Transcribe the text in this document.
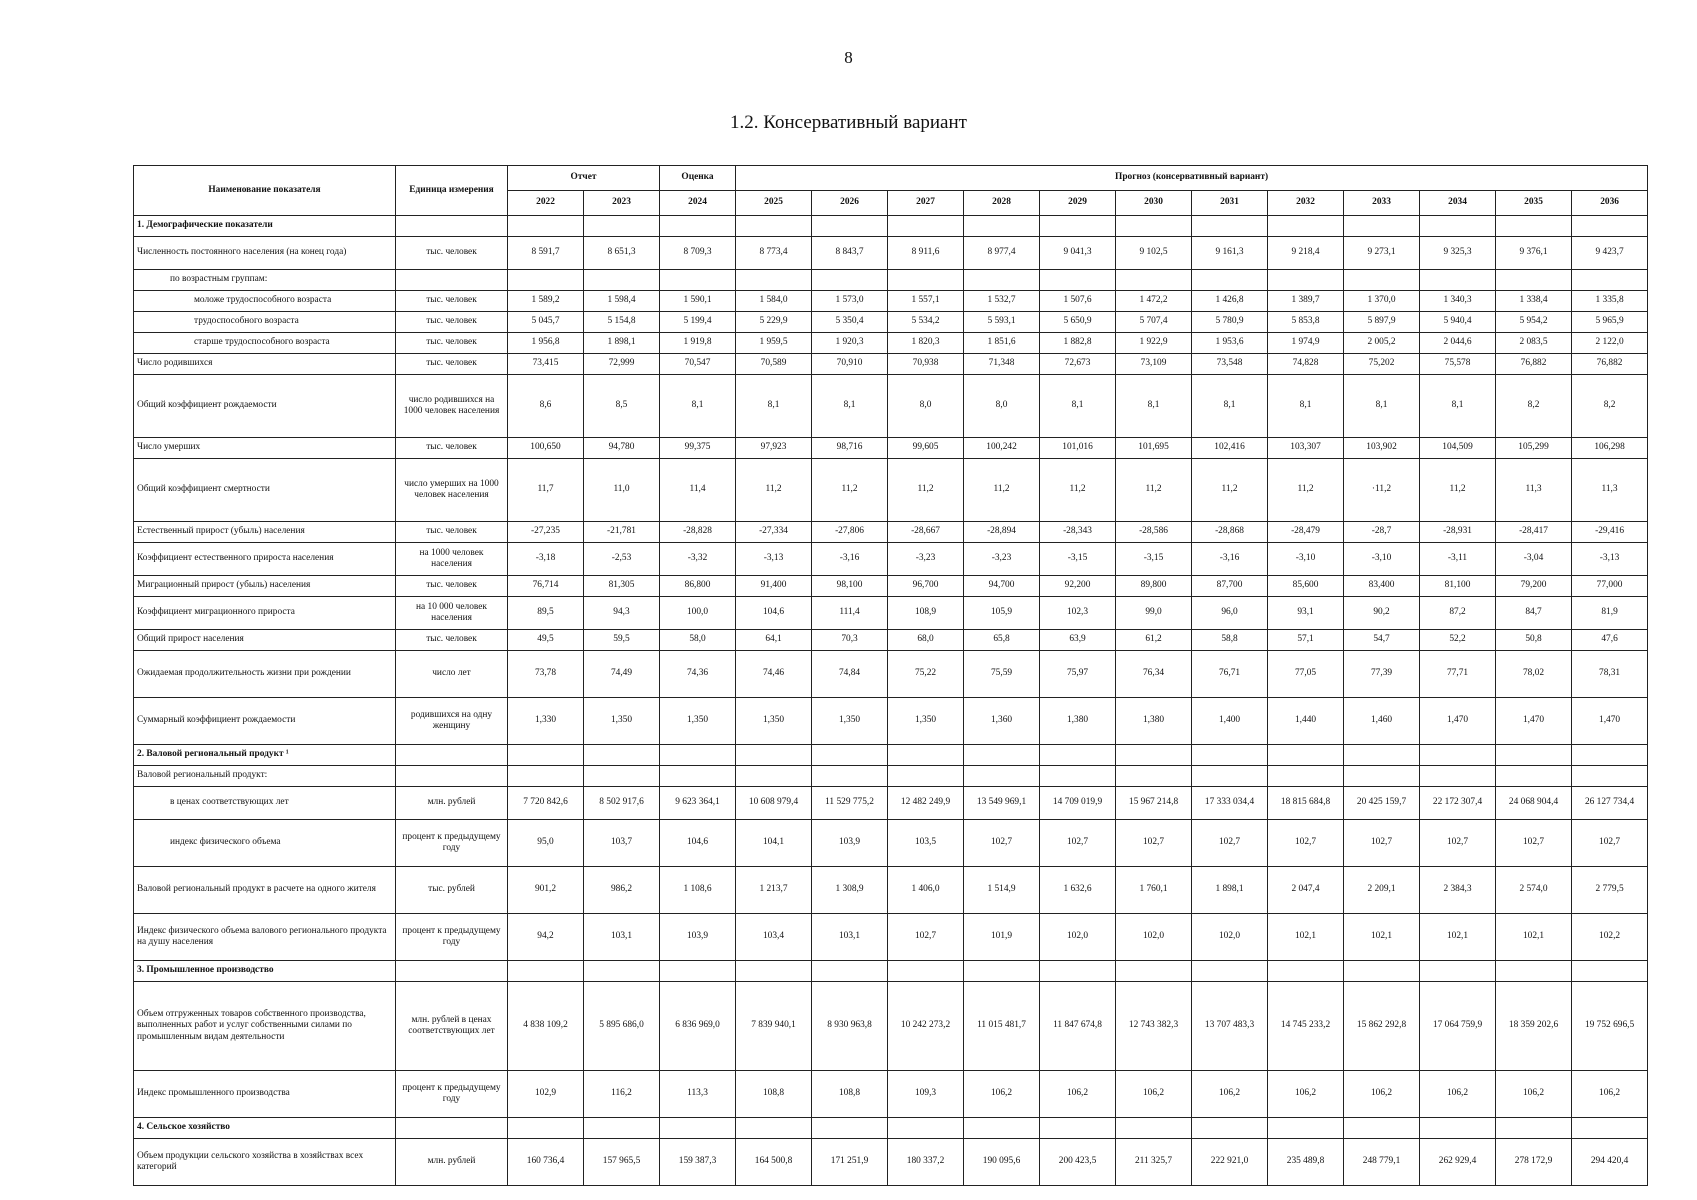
8
1.2. Консервативный вариант
Наименование показателя	Единица измерения	Отчет		Оценка	Прогноз (консервативный вариант)											
		2022	2023	2024	2025	2026	2027	2028	2029	2030	2031	2032	2033	2034	2035	2036
1. Демографические показатели																
Численность постоянного населения (на конец года)	тыс. человек	8 591,7	8 651,3	8 709,3	8 773,4	8 843,7	8 911,6	8 977,4	9 041,3	9 102,5	9 161,3	9 218,4	9 273,1	9 325,3	9 376,1	9 423,7
по возрастным группам:																
моложе трудоспособного возраста	тыс. человек	1 589,2	1 598,4	1 590,1	1 584,0	1 573,0	1 557,1	1 532,7	1 507,6	1 472,2	1 426,8	1 389,7	1 370,0	1 340,3	1 338,4	1 335,8
трудоспособного возраста	тыс. человек	5 045,7	5 154,8	5 199,4	5 229,9	5 350,4	5 534,2	5 593,1	5 650,9	5 707,4	5 780,9	5 853,8	5 897,9	5 940,4	5 954,2	5 965,9
старше трудоспособного возраста	тыс. человек	1 956,8	1 898,1	1 919,8	1 959,5	1 920,3	1 820,3	1 851,6	1 882,8	1 922,9	1 953,6	1 974,9	2 005,2	2 044,6	2 083,5	2 122,0
Число родившихся	тыс. человек	73,415	72,999	70,547	70,589	70,910	70,938	71,348	72,673	73,109	73,548	74,828	75,202	75,578	76,882	76,882
Общий коэффициент рождаемости	число родившихся на 1000 человек населения	8,6	8,5	8,1	8,1	8,1	8,0	8,0	8,1	8,1	8,1	8,1	8,1	8,1	8,2	8,2
Число умерших	тыс. человек	100,650	94,780	99,375	97,923	98,716	99,605	100,242	101,016	101,695	102,416	103,307	103,902	104,509	105,299	106,298
Общий коэффициент смертности	число умерших на 1000 человек населения	11,7	11,0	11,4	11,2	11,2	11,2	11,2	11,2	11,2	11,2	11,2	·11,2	11,2	11,3	11,3
Естественный прирост (убыль) населения	тыс. человек	-27,235	-21,781	-28,828	-27,334	-27,806	-28,667	-28,894	-28,343	-28,586	-28,868	-28,479	-28,7	-28,931	-28,417	-29,416
Коэффициент естественного прироста населения	на 1000 человек населения	-3,18	-2,53	-3,32	-3,13	-3,16	-3,23	-3,23	-3,15	-3,15	-3,16	-3,10	-3,10	-3,11	-3,04	-3,13
Миграционный прирост (убыль) населения	тыс. человек	76,714	81,305	86,800	91,400	98,100	96,700	94,700	92,200	89,800	87,700	85,600	83,400	81,100	79,200	77,000
Коэффициент миграционного прироста	на 10 000 человек населения	89,5	94,3	100,0	104,6	111,4	108,9	105,9	102,3	99,0	96,0	93,1	90,2	87,2	84,7	81,9
Общий прирост населения	тыс. человек	49,5	59,5	58,0	64,1	70,3	68,0	65,8	63,9	61,2	58,8	57,1	54,7	52,2	50,8	47,6
Ожидаемая продолжительность жизни при рождении	число лет	73,78	74,49	74,36	74,46	74,84	75,22	75,59	75,97	76,34	76,71	77,05	77,39	77,71	78,02	78,31
Суммарный коэффициент рождаемости	родившихся на одну женщину	1,330	1,350	1,350	1,350	1,350	1,350	1,360	1,380	1,380	1,400	1,440	1,460	1,470	1,470	1,470
2. Валовой региональный продукт ¹																
Валовой региональный продукт:																
в ценах соответствующих лет	млн. рублей	7 720 842,6	8 502 917,6	9 623 364,1	10 608 979,4	11 529 775,2	12 482 249,9	13 549 969,1	14 709 019,9	15 967 214,8	17 333 034,4	18 815 684,8	20 425 159,7	22 172 307,4	24 068 904,4	26 127 734,4
индекс физического объема	процент к предыдущему году	95,0	103,7	104,6	104,1	103,9	103,5	102,7	102,7	102,7	102,7	102,7	102,7	102,7	102,7	102,7
Валовой региональный продукт в расчете на одного жителя	тыс. рублей	901,2	986,2	1 108,6	1 213,7	1 308,9	1 406,0	1 514,9	1 632,6	1 760,1	1 898,1	2 047,4	2 209,1	2 384,3	2 574,0	2 779,5
Индекс физического объема валового регионального продукта на душу населения	процент к предыдущему году	94,2	103,1	103,9	103,4	103,1	102,7	101,9	102,0	102,0	102,0	102,1	102,1	102,1	102,1	102,2
3. Промышленное производство																
Объем отгруженных товаров собственного производства, выполненных работ и услуг собственными силами по промышленным видам деятельности	млн. рублей в ценах соответствующих лет	4 838 109,2	5 895 686,0	6 836 969,0	7 839 940,1	8 930 963,8	10 242 273,2	11 015 481,7	11 847 674,8	12 743 382,3	13 707 483,3	14 745 233,2	15 862 292,8	17 064 759,9	18 359 202,6	19 752 696,5
Индекс промышленного производства	процент к предыдущему году	102,9	116,2	113,3	108,8	108,8	109,3	106,2	106,2	106,2	106,2	106,2	106,2	106,2	106,2	106,2
4. Сельское хозяйство																
Объем продукции сельского хозяйства в хозяйствах всех категорий	млн. рублей	160 736,4	157 965,5	159 387,3	164 500,8	171 251,9	180 337,2	190 095,6	200 423,5	211 325,7	222 921,0	235 489,8	248 779,1	262 929,4	278 172,9	294 420,4
